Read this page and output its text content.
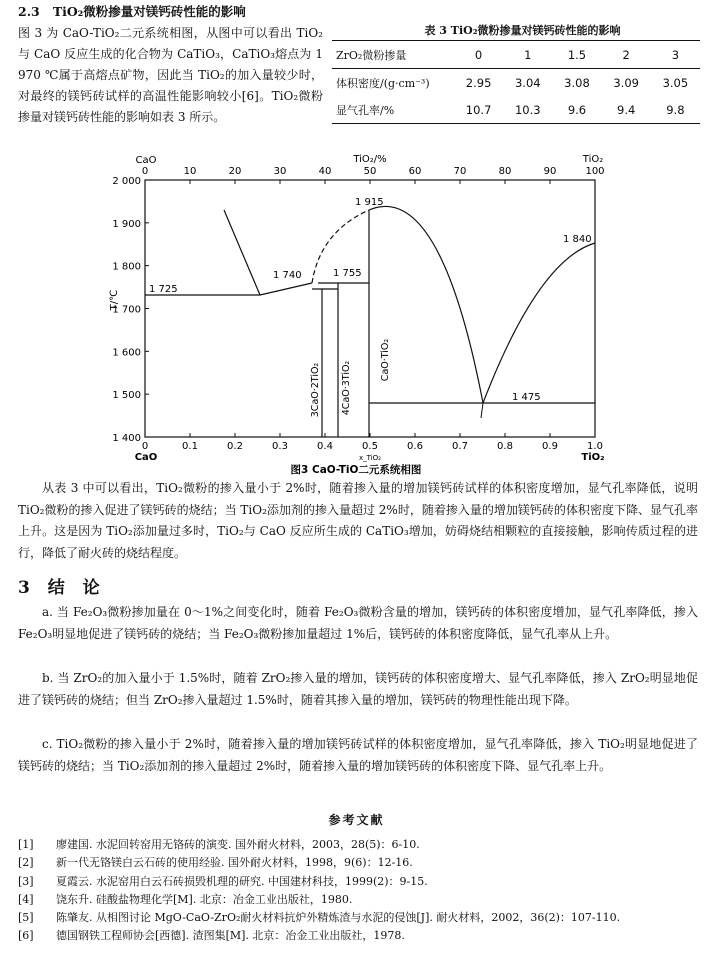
2.3 TiO₂微粉掺量对镁钙砖性能的影响
图 3 为 CaO-TiO₂二元系统相图，从图中可以看出 TiO₂与 CaO 反应生成的化合物为 CaTiO₃，CaTiO₃熔点为 1 970 ℃属于高熔点矿物，因此当 TiO₂的加入量较少时，对最终的镁钙砖试样的高温性能影响较小[6]。TiO₂微粉掺量对镁钙砖性能的影响如表 3 所示。
表 3 TiO₂微粉掺量对镁钙砖性能的影响
ZrO₂微粉掺量	0	1	1.5	2	3
体积密度/(g·cm⁻³)	2.95	3.04	3.08	3.09	3.05
显气孔率/%	10.7	10.3	9.6	9.4	9.8
CaO	TiO₂/%	TiO₂
0	10	20	30	40	50	60	70	80	90	100
0	0.1	0.2	0.3	0.4	0.5	0.6	0.7	0.8	0.9	1.0
2 000
1 900
1 800
1 700
1 600
1 500
1 400
CaO	TiO₂
x_TiO₂
T/℃
1 725
1 740	1 755
1 915
1 840
1 475
3CaO·2TiO₂ 4CaO·3TiO₂
CaO·TiO₂
图3 CaO-TiO二元系统相图
从表 3 中可以看出，TiO₂微粉的掺入量小于 2%时，随着掺入量的增加镁钙砖试样的体积密度增加，显气孔率降低，说明 TiO₂微粉的掺入促进了镁钙砖的烧结；当 TiO₂添加剂的掺入量超过 2%时，随着掺入量的增加镁钙砖的体积密度下降、显气孔率上升。这是因为 TiO₂添加量过多时，TiO₂与 CaO 反应所生成的 CaTiO₃增加，妨碍烧结相颗粒的直接接触，影响传质过程的进行，降低了耐火砖的烧结程度。
3 结 论
a. 当 Fe₂O₃微粉掺加量在 0～1%之间变化时，随着 Fe₂O₃微粉含量的增加，镁钙砖的体积密度增加，显气孔率降低，掺入 Fe₂O₃明显地促进了镁钙砖的烧结；当 Fe₂O₃微粉掺加量超过 1%后，镁钙砖的体积密度降低，显气孔率从上升。
b. 当 ZrO₂的加入量小于 1.5%时，随着 ZrO₂掺入量的增加，镁钙砖的体积密度增大、显气孔率降低，掺入 ZrO₂明显地促进了镁钙砖的烧结；但当 ZrO₂掺入量超过 1.5%时，随着其掺入量的增加，镁钙砖的物理性能出现下降。
c. TiO₂微粉的掺入量小于 2%时，随着掺入量的增加镁钙砖试样的体积密度增加，显气孔率降低，掺入 TiO₂明显地促进了镁钙砖的烧结；当 TiO₂添加剂的掺入量超过 2%时，随着掺入量的增加镁钙砖的体积密度下降、显气孔率上升。
参考文献
[1]	廖建国. 水泥回转窑用无铬砖的演变. 国外耐火材料，2003，28(5)：6-10.
[2]	新一代无铬镁白云石砖的使用经验. 国外耐火材料，1998，9(6)：12-16.
[3]	夏霞云. 水泥窑用白云石砖损毁机理的研究. 中国建材科技，1999(2)：9-15.
[4]	饶东升. 硅酸盐物理化学[M]. 北京：冶金工业出版社，1980.
[5]	陈肇友. 从相图讨论 MgO-CaO-ZrO₂耐火材料抗炉外精炼渣与水泥的侵蚀[J]. 耐火材料，2002，36(2)：107-110.
[6]	德国钢铁工程师协会[西德]. 渣图集[M]. 北京：冶金工业出版社，1978.
